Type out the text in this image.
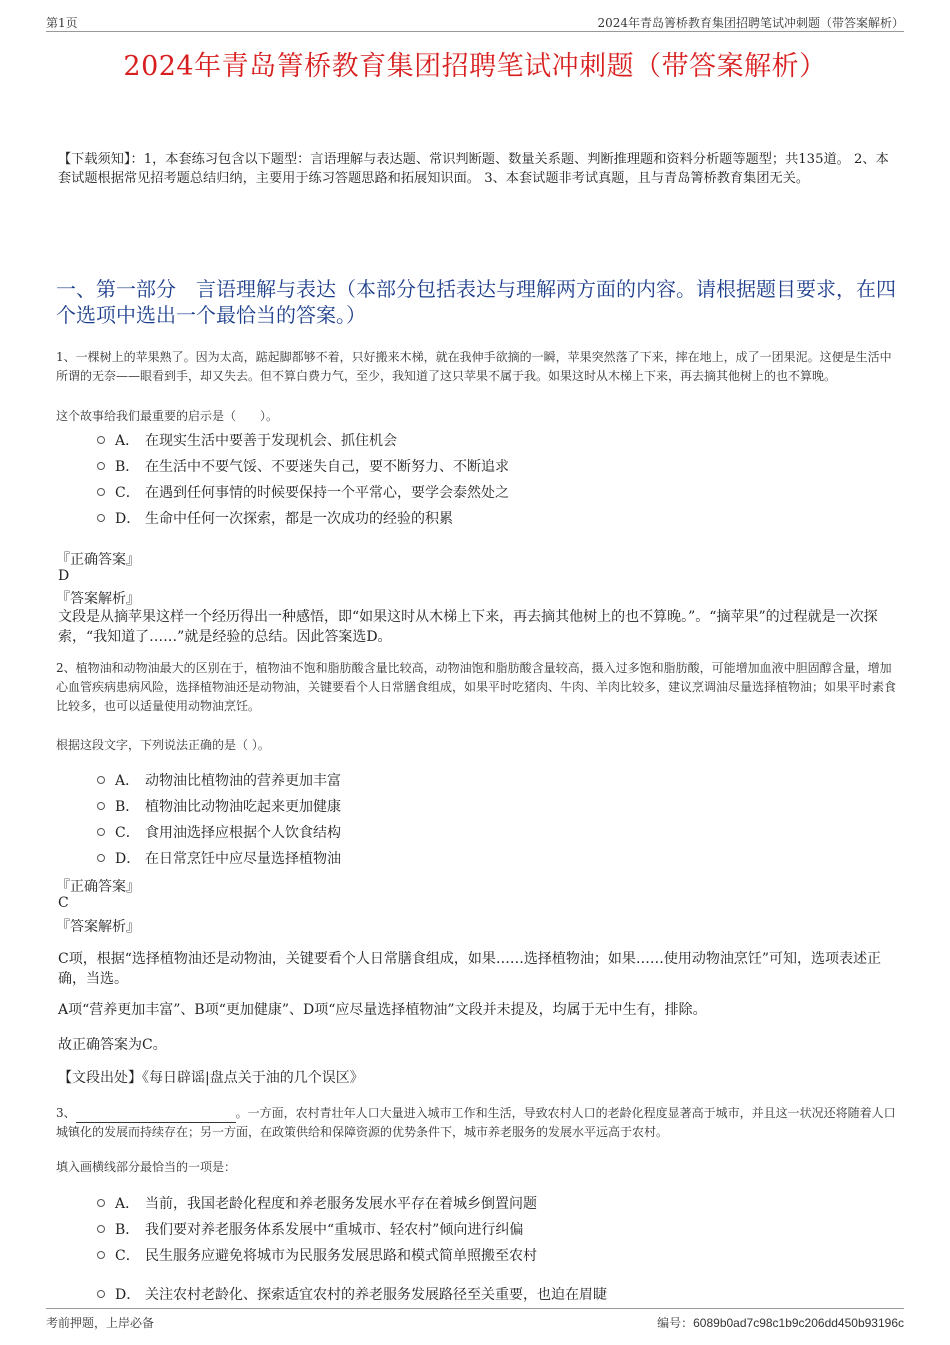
第1页	2024年青岛箐桥教育集团招聘笔试冲刺题（带答案解析）
2024年青岛箐桥教育集团招聘笔试冲刺题（带答案解析）
【下载须知】：1，本套练习包含以下题型：言语理解与表达题、常识判断题、数量关系题、判断推理题和资料分析题等题型；共135道。 2、本套试题根据常见招考题总结归纳，主要用于练习答题思路和拓展知识面。 3、本套试题非考试真题，且与青岛箐桥教育集团无关。
一、第一部分　言语理解与表达（本部分包括表达与理解两方面的内容。请根据题目要求，在四个选项中选出一个最恰当的答案。）
1、一棵树上的苹果熟了。因为太高，踮起脚都够不着，只好搬来木梯，就在我伸手欲摘的一瞬，苹果突然落了下来，摔在地上，成了一团果泥。这便是生活中所谓的无奈——眼看到手，却又失去。但不算白费力气，至少，我知道了这只苹果不属于我。如果这时从木梯上下来，再去摘其他树上的也不算晚。
这个故事给我们最重要的启示是（　　）。
A． 在现实生活中要善于发现机会、抓住机会
B． 在生活中不要气馁、不要迷失自己，要不断努力、不断追求
C． 在遇到任何事情的时候要保持一个平常心，要学会泰然处之
D． 生命中任何一次探索，都是一次成功的经验的积累
『正确答案』
D
『答案解析』
文段是从摘苹果这样一个经历得出一种感悟，即“如果这时从木梯上下来，再去摘其他树上的也不算晚。”。“摘苹果”的过程就是一次探索，“我知道了……”就是经验的总结。因此答案选D。
2、植物油和动物油最大的区别在于，植物油不饱和脂肪酸含量比较高，动物油饱和脂肪酸含量较高，摄入过多饱和脂肪酸，可能增加血液中胆固醇含量，增加心血管疾病患病风险，选择植物油还是动物油，关键要看个人日常膳食组成，如果平时吃猪肉、牛肉、羊肉比较多，建议烹调油尽量选择植物油；如果平时素食比较多，也可以适量使用动物油烹饪。
根据这段文字，下列说法正确的是（ ）。
A． 动物油比植物油的营养更加丰富
B． 植物油比动物油吃起来更加健康
C． 食用油选择应根据个人饮食结构
D． 在日常烹饪中应尽量选择植物油
『正确答案』
C
『答案解析』
C项，根据“选择植物油还是动物油，关键要看个人日常膳食组成，如果……选择植物油；如果……使用动物油烹饪”可知，选项表述正确，当选。
A项“营养更加丰富”、B项“更加健康”、D项“应尽量选择植物油”文段并未提及，均属于无中生有，排除。
故正确答案为C。
【文段出处】《每日辟谣|盘点关于油的几个误区》
3、	。一方面，农村青壮年人口大量进入城市工作和生活，导致农村人口的老龄化程度显著高于城市，并且这一状况还将随着人口城镇化的发展而持续存在；另一方面，在政策供给和保障资源的优势条件下，城市养老服务的发展水平远高于农村。
填入画横线部分最恰当的一项是：
A． 当前，我国老龄化程度和养老服务发展水平存在着城乡倒置问题
B． 我们要对养老服务体系发展中“重城市、轻农村”倾向进行纠偏
C． 民生服务应避免将城市为民服务发展思路和模式简单照搬至农村
D． 关注农村老龄化、探索适宜农村的养老服务发展路径至关重要，也迫在眉睫
考前押题，上岸必备	编号：6089b0ad7c98c1b9c206dd450b93196c
